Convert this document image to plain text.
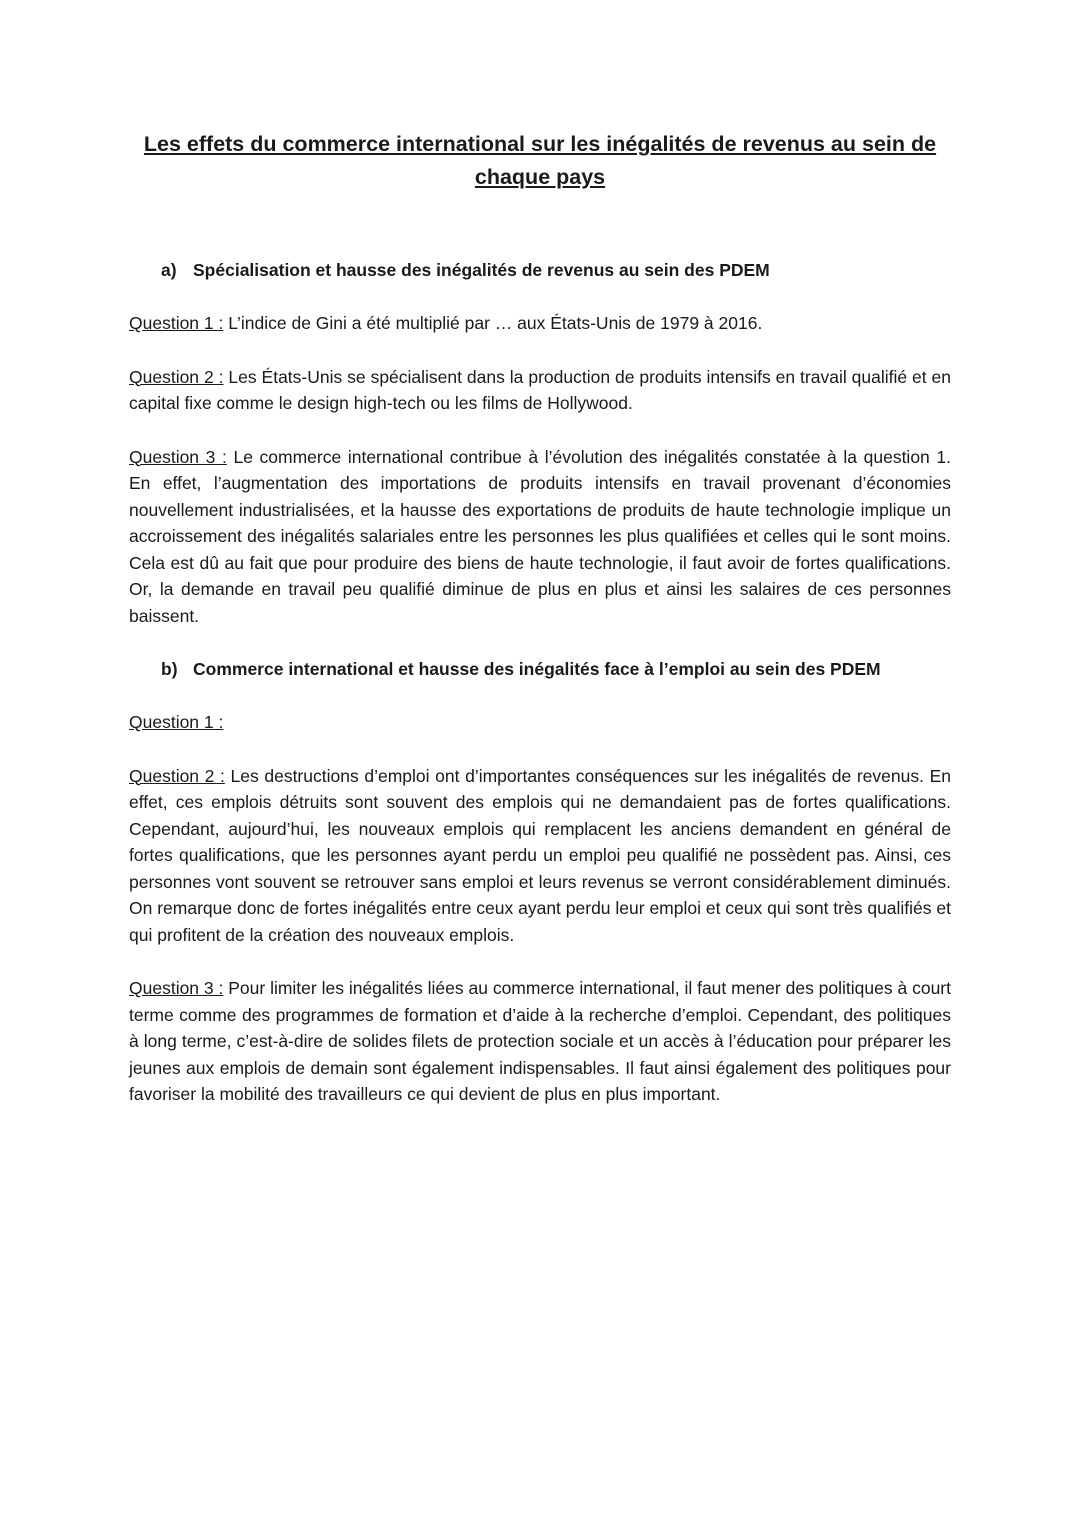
Les effets du commerce international sur les inégalités de revenus au sein de chaque pays
a) Spécialisation et hausse des inégalités de revenus au sein des PDEM

Question 1 : L’indice de Gini a été multiplié par … aux États-Unis de 1979 à 2016.

Question 2 : Les États-Unis se spécialisent dans la production de produits intensifs en travail qualifié et en capital fixe comme le design high-tech ou les films de Hollywood.

Question 3 : Le commerce international contribue à l’évolution des inégalités constatée à la question 1. En effet, l’augmentation des importations de produits intensifs en travail provenant d’économies nouvellement industrialisées, et la hausse des exportations de produits de haute technologie implique un accroissement des inégalités salariales entre les personnes les plus qualifiées et celles qui le sont moins. Cela est dû au fait que pour produire des biens de haute technologie, il faut avoir de fortes qualifications. Or, la demande en travail peu qualifié diminue de plus en plus et ainsi les salaires de ces personnes baissent.

b) Commerce international et hausse des inégalités face à l’emploi au sein des PDEM

Question 1 :

Question 2 : Les destructions d’emploi ont d’importantes conséquences sur les inégalités de revenus. En effet, ces emplois détruits sont souvent des emplois qui ne demandaient pas de fortes qualifications. Cependant, aujourd’hui, les nouveaux emplois qui remplacent les anciens demandent en général de fortes qualifications, que les personnes ayant perdu un emploi peu qualifié ne possèdent pas. Ainsi, ces personnes vont souvent se retrouver sans emploi et leurs revenus se verront considérablement diminués. On remarque donc de fortes inégalités entre ceux ayant perdu leur emploi et ceux qui sont très qualifiés et qui profitent de la création des nouveaux emplois.

Question 3 : Pour limiter les inégalités liées au commerce international, il faut mener des politiques à court terme comme des programmes de formation et d’aide à la recherche d’emploi. Cependant, des politiques à long terme, c’est-à-dire de solides filets de protection sociale et un accès à l’éducation pour préparer les jeunes aux emplois de demain sont également indispensables. Il faut ainsi également des politiques pour favoriser la mobilité des travailleurs ce qui devient de plus en plus important.
